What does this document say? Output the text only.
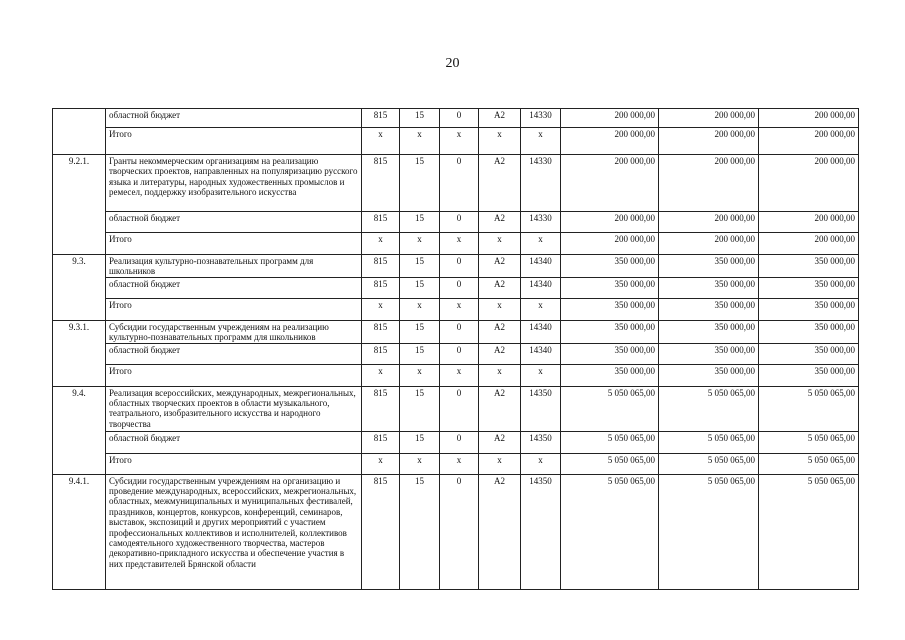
20
	областной бюджет	815	15	0	А2	14330	200 000,00	200 000,00	200 000,00
	Итого	х	х	х	х	х	200 000,00	200 000,00	200 000,00
9.2.1.	Гранты некоммерческим организациям на реализацию творческих проектов, направленных на популяризацию русского языка и литературы, народных художественных промыслов и ремесел, поддержку изобразительного искусства	815	15	0	А2	14330	200 000,00	200 000,00	200 000,00
	областной бюджет	815	15	0	А2	14330	200 000,00	200 000,00	200 000,00
	Итого	х	х	х	х	х	200 000,00	200 000,00	200 000,00
9.3.	Реализация культурно-познавательных программ для школьников	815	15	0	А2	14340	350 000,00	350 000,00	350 000,00
	областной бюджет	815	15	0	А2	14340	350 000,00	350 000,00	350 000,00
	Итого	х	х	х	х	х	350 000,00	350 000,00	350 000,00
9.3.1.	Субсидии государственным учреждениям на реализацию культурно-познавательных программ для школьников	815	15	0	А2	14340	350 000,00	350 000,00	350 000,00
	областной бюджет	815	15	0	А2	14340	350 000,00	350 000,00	350 000,00
	Итого	х	х	х	х	х	350 000,00	350 000,00	350 000,00
9.4.	Реализация всероссийских, международных, межрегиональных, областных творческих проектов в области музыкального, театрального, изобразительного искусства и народного творчества	815	15	0	А2	14350	5 050 065,00	5 050 065,00	5 050 065,00
	областной бюджет	815	15	0	А2	14350	5 050 065,00	5 050 065,00	5 050 065,00
	Итого	х	х	х	х	х	5 050 065,00	5 050 065,00	5 050 065,00
9.4.1.	Субсидии государственным учреждениям на организацию и проведение международных, всероссийских, межрегиональных, областных, межмуниципальных и муниципальных фестивалей, праздников, концертов, конкурсов, конференций, семинаров, выставок, экспозиций и других мероприятий с участием профессиональных коллективов и исполнителей, коллективов самодеятельного художественного творчества, мастеров декоративно-прикладного искусства и обеспечение участия в них представителей Брянской области	815	15	0	А2	14350	5 050 065,00	5 050 065,00	5 050 065,00
